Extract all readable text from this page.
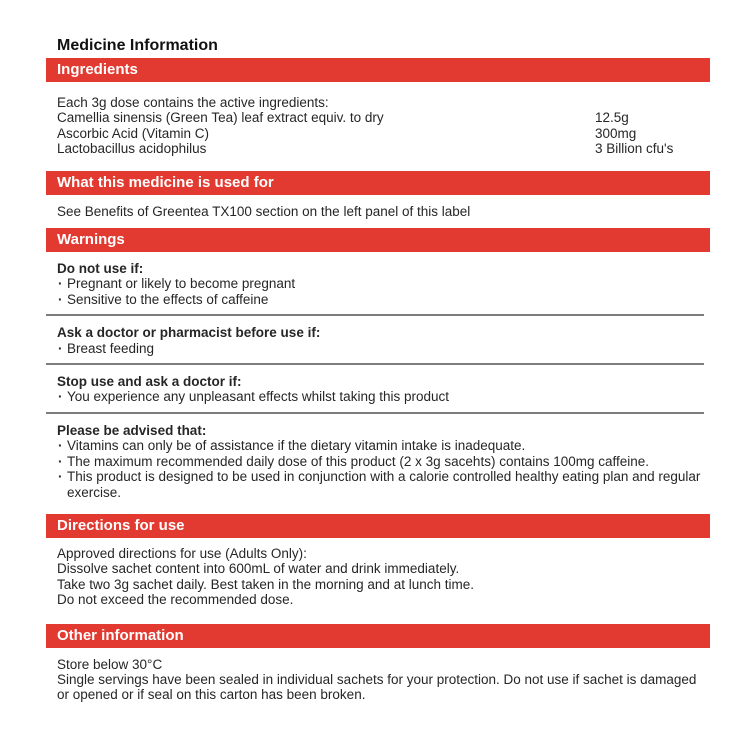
Medicine Information
Ingredients
Each 3g dose contains the active ingredients:
Camellia sinensis (Green Tea) leaf extract equiv. to dry	12.5g
Ascorbic Acid (Vitamin C)	300mg
Lactobacillus acidophilus	3 Billion cfu's
What this medicine is used for
See Benefits of Greentea TX100 section on the left panel of this label
Warnings
Do not use if:
· Pregnant or likely to become pregnant
· Sensitive to the effects of caffeine
Ask a doctor or pharmacist before use if:
· Breast feeding
Stop use and ask a doctor if:
· You experience any unpleasant effects whilst taking this product
Please be advised that:
· Vitamins can only be of assistance if the dietary vitamin intake is inadequate.
· The maximum recommended daily dose of this product (2 x 3g sacehts) contains 100mg caffeine.
· This product is designed to be used in conjunction with a calorie controlled healthy eating plan and regular exercise.
Directions for use
Approved directions for use (Adults Only):
Dissolve sachet content into 600mL of water and drink immediately.
Take two 3g sachet daily. Best taken in the morning and at lunch time.
Do not exceed the recommended dose.
Other information
Store below 30°C
Single servings have been sealed in individual sachets for your protection. Do not use if sachet is damaged or opened or if seal on this carton has been broken.
